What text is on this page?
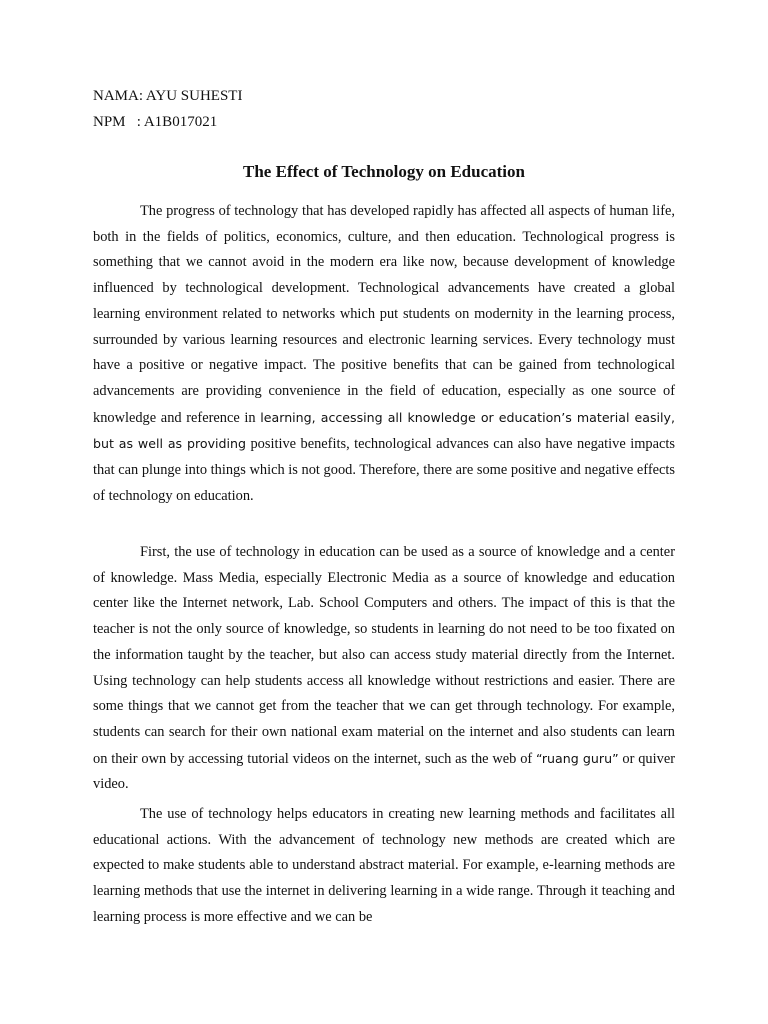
NAMA: AYU SUHESTI
NPM   : A1B017021
The Effect of Technology on Education

The progress of technology that has developed rapidly has affected all aspects of human life, both in the fields of politics, economics, culture, and then education. Technological progress is something that we cannot avoid in the modern era like now, because development of knowledge influenced by technological development. Technological advancements have created a global learning environment related to networks which put students on modernity in the learning process, surrounded by various learning resources and electronic learning services. Every technology must have a positive or negative impact. The positive benefits that can be gained from technological advancements are providing convenience in the field of education, especially as one source of knowledge and reference in learning, accessing all knowledge or education’s material easily, but as well as providing positive benefits, technological advances can also have negative impacts that can plunge into things which is not good. Therefore, there are some positive and negative effects of technology on education.

First, the use of technology in education can be used as a source of knowledge and a center of knowledge. Mass Media, especially Electronic Media as a source of knowledge and education center like the Internet network, Lab. School Computers and others. The impact of this is that the teacher is not the only source of knowledge, so students in learning do not need to be too fixated on the information taught by the teacher, but also can access study material directly from the Internet. Using technology can help students access all knowledge without restrictions and easier. There are some things that we cannot get from the teacher that we can get through technology. For example, students can search for their own national exam material on the internet and also students can learn on their own by accessing tutorial videos on the internet, such as the web of “ruang guru” or quiver video.

The use of technology helps educators in creating new learning methods and facilitates all educational actions. With the advancement of technology new methods are created which are expected to make students able to understand abstract material. For example, e-learning methods are learning methods that use the internet in delivering learning in a wide range. Through it teaching and learning process is more effective and we can be
